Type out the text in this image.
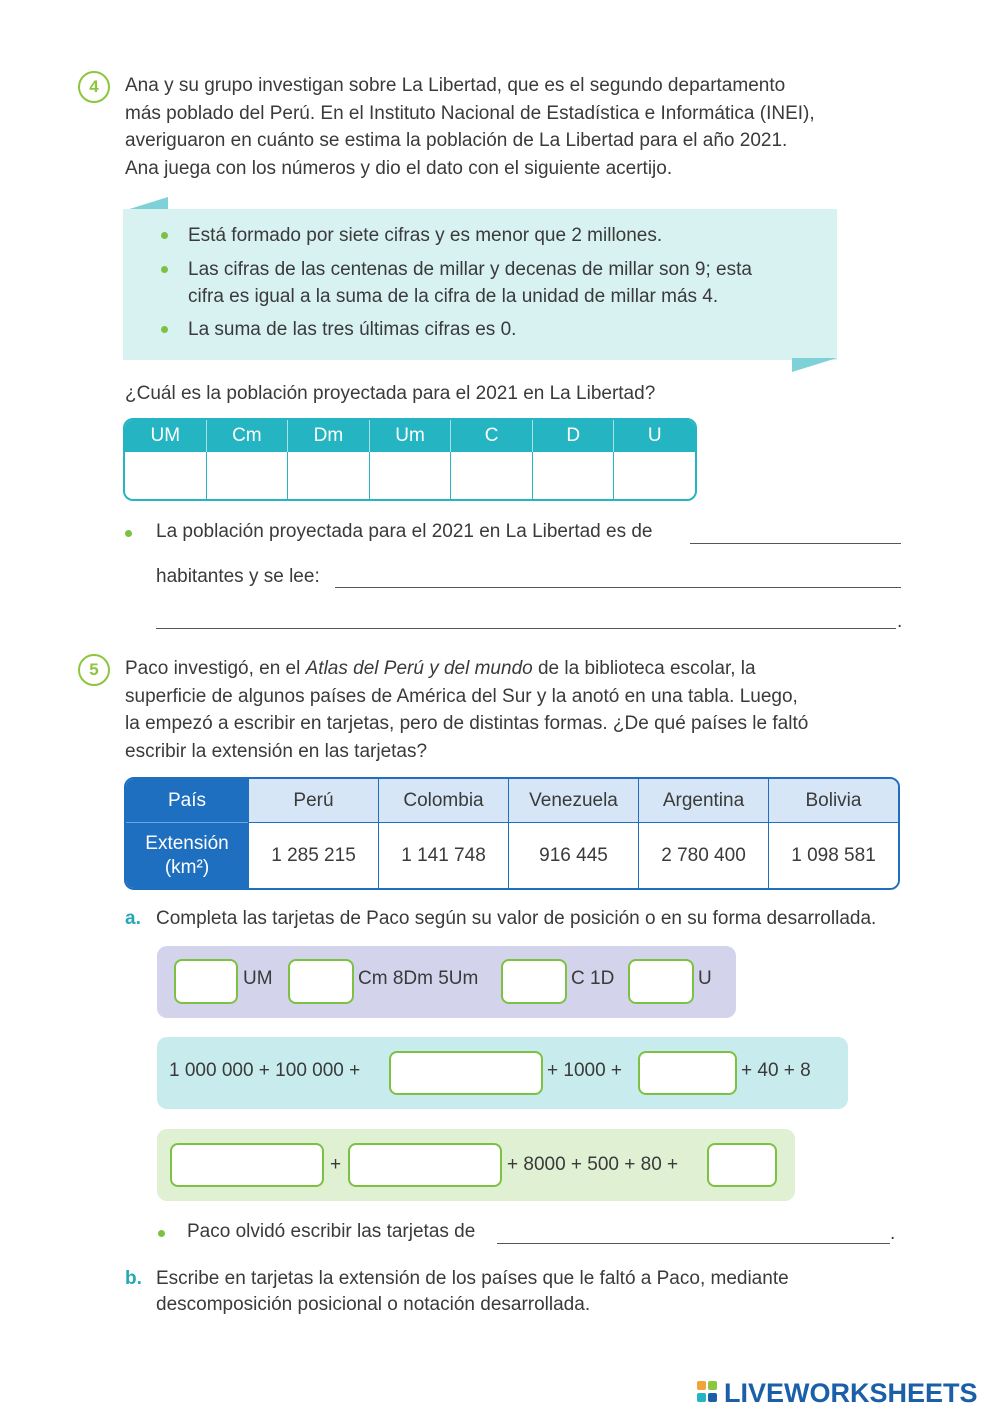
4	Ana y su grupo investigan sobre La Libertad, que es el segundo departamento

más poblado del Perú. En el Instituto Nacional de Estadística e Informática (INEI),

averiguaron en cuánto se estima la población de La Libertad para el año 2021.

Ana juega con los números y dio el dato con el siguiente acertijo.

Está formado por siete cifras y es menor que 2 millones.
Las cifras de las centenas de millar y decenas de millar son 9; esta
cifra es igual a la suma de la cifra de la unidad de millar más 4.
La suma de las tres últimas cifras es 0.

¿Cuál es la población proyectada para el 2021 en La Libertad?

UM	Cm	Dm	Um	C	D	U
La población proyectada para el 2021 en La Libertad es de
habitantes y se lee:
.
5	Paco investigó, en el Atlas del Perú y del mundo de la biblioteca escolar, la

superficie de algunos países de América del Sur y la anotó en una tabla. Luego,

la empezó a escribir en tarjetas, pero de distintas formas. ¿De qué países le faltó

escribir la extensión en las tarjetas?

País	Perú	Colombia	Venezuela	Argentina	Bolivia
Extensión
(km²)
1 285 215	1 141 748	916 445	2 780 400	1 098 581
a. Completa las tarjetas de Paco según su valor de posición o en su forma desarrollada.
UM	Cm 8Dm 5Um	C 1D	U
1 000 000 + 100 000 +	+ 1000 +	+ 40 + 8
+	+ 8000 + 500 + 80 +
Paco olvidó escribir las tarjetas de	.
b. Escribe en tarjetas la extensión de los países que le faltó a Paco, mediante
descomposición posicional o notación desarrollada.
LIVEWORKSHEETS
